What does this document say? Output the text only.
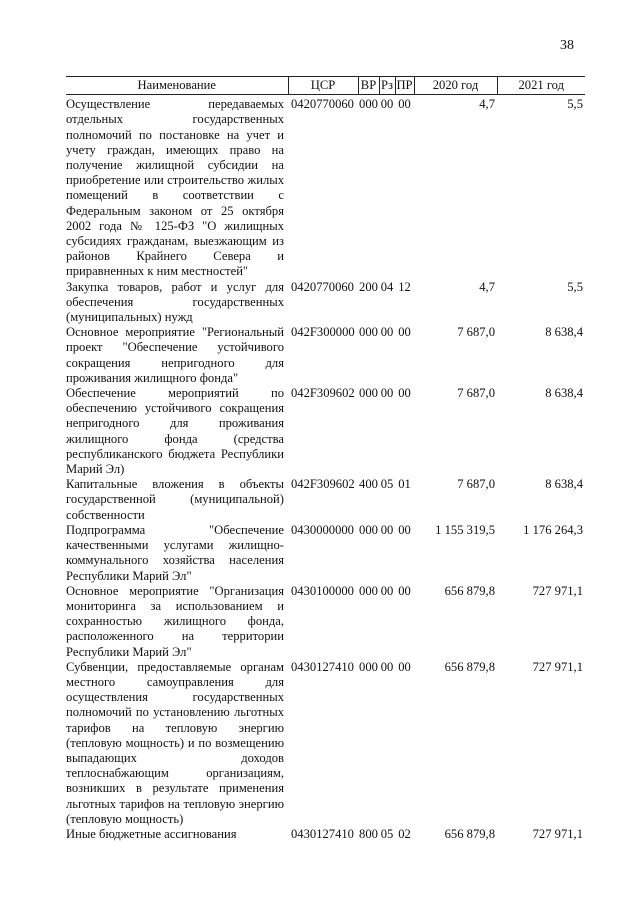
38
Наименование	ЦСР	ВР	Рз	ПР	2020 год	2021 год
Осуществление передаваемых отдельных государственных полномочий по постановке на учет и учету граждан, имеющих право на получение жилищной субсидии на приобретение или строительство жилых помещений в соответствии с Федеральным законом от 25 октября 2002 года № 125-ФЗ "О жилищных субсидиях гражданам, выезжающим из районов Крайнего Севера и приравненных к ним местностей"	0420770060	000	00	00	4,7	5,5
Закупка товаров, работ и услуг для обеспечения государственных (муниципальных) нужд	0420770060	200	04	12	4,7	5,5
Основное мероприятие "Региональный проект "Обеспечение устойчивого сокращения непригодного для проживания жилищного фонда"	042F300000	000	00	00	7 687,0	8 638,4
Обеспечение мероприятий по обеспечению устойчивого сокращения непригодного для проживания жилищного фонда (средства республиканского бюджета Республики Марий Эл)	042F309602	000	00	00	7 687,0	8 638,4
Капитальные вложения в объекты государственной (муниципальной) собственности	042F309602	400	05	01	7 687,0	8 638,4
Подпрограмма "Обеспечение качественными услугами жилищно-коммунального хозяйства населения Республики Марий Эл"	0430000000	000	00	00	1 155 319,5	1 176 264,3
Основное мероприятие "Организация мониторинга за использованием и сохранностью жилищного фонда, расположенного на территории Республики Марий Эл"	0430100000	000	00	00	656 879,8	727 971,1
Субвенции, предоставляемые органам местного самоуправления для осуществления государственных полномочий по установлению льготных тарифов на тепловую энергию (тепловую мощность) и по возмещению выпадающих доходов теплоснабжающим организациям, возникших в результате применения льготных тарифов на тепловую энергию (тепловую мощность)	0430127410	000	00	00	656 879,8	727 971,1
Иные бюджетные ассигнования	0430127410	800	05	02	656 879,8	727 971,1
